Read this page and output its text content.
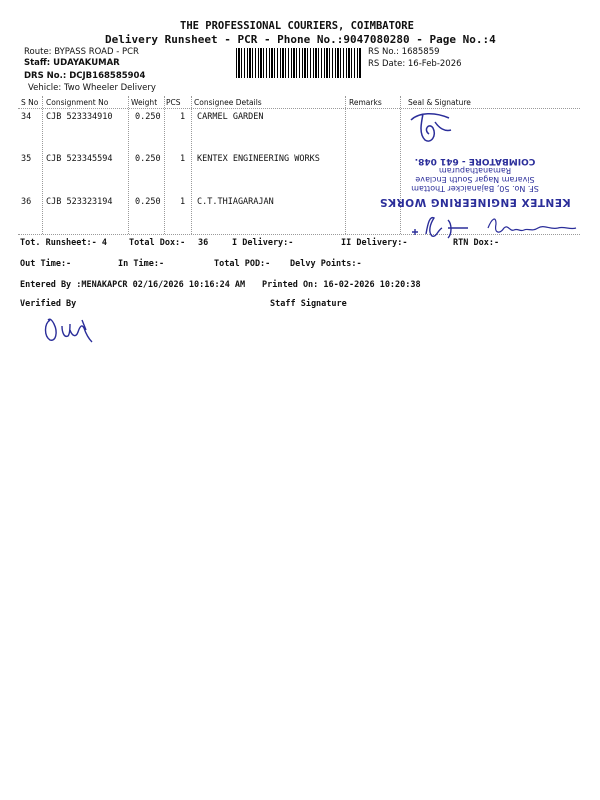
THE PROFESSIONAL COURIERS, COIMBATORE
Delivery Runsheet - PCR - Phone No.:9047080280 - Page No.:4
Route: BYPASS ROAD - PCR
Staff: UDAYAKUMAR
DRS No.: DCJB168585904
Vehicle: Two Wheeler Delivery
RS No.: 1685859
RS Date: 16-Feb-2026
S No Consignment No	Weight PCS Consignee Details	Remarks	Seal & Signature
34 CJB 523334910	0.250 1 CARMEL GARDEN
35 CJB 523345594	0.250 1 KENTEX ENGINEERING WORKS
36 CJB 523323194	0.250 1 C.T.THIAGARAJAN	KENTEX ENGINEERING WORKS
SF. No. 50, Bajanaicker Thottam
Sivaram Nagar South Enclave
Ramanathapuram
COIMBATORE - 641 048.
Tot. Runsheet:- 4	Total Dox:- 36	I Delivery:-	II Delivery:-	RTN Dox:-
Out Time:-	In Time:-	Total POD:- Delvy Points:-
Entered By :MENAKAPCR 02/16/2026 10:16:24 AM Printed On: 16-02-2026 10:20:38
Verified By	Staff Signature
